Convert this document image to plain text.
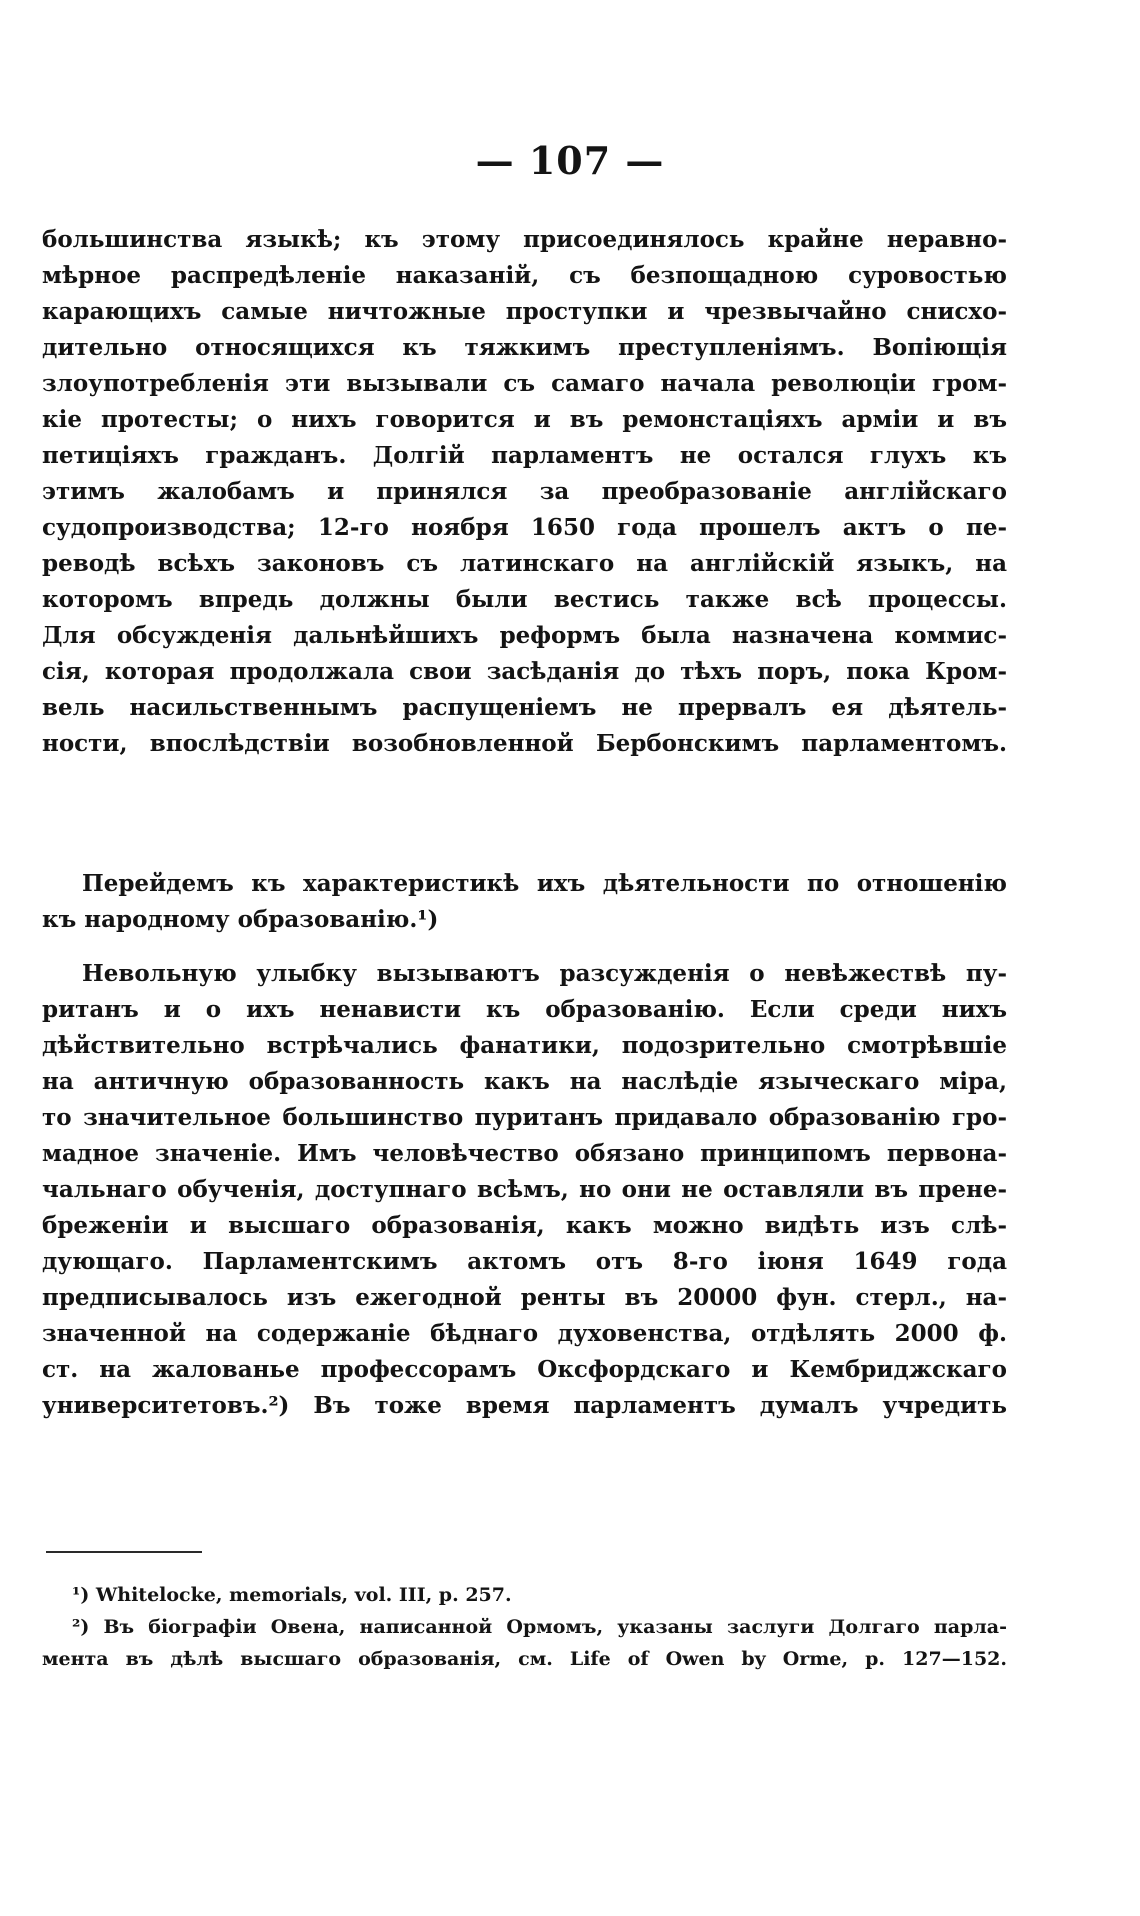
— 107 —
большинства языкѣ; къ этому присоединялось крайне неравно-
мѣрное распредѣленіе наказаній, съ безпощадною суровостью
карающихъ самые ничтожные проступки и чрезвычайно снисхо-
дительно относящихся къ тяжкимъ преступленіямъ. Вопіющія
злоупотребленія эти вызывали съ самаго начала революціи гром-
кіе протесты; о нихъ говорится и въ ремонстаціяхъ арміи и въ
петиціяхъ гражданъ. Долгій парламентъ не остался глухъ къ
этимъ жалобамъ и принялся за преобразованіе англійскаго
судопроизводства; 12-го ноября 1650 года прошелъ актъ о пе-
реводѣ всѣхъ законовъ съ латинскаго на англійскій языкъ, на
которомъ впредь должны были вестись также всѣ процессы.
Для обсужденія дальнѣйшихъ реформъ была назначена коммис-
сія, которая продолжала свои засѣданія до тѣхъ поръ, пока Кром-
вель насильственнымъ распущеніемъ не прервалъ ея дѣятель-
ности, впослѣдствіи возобновленной Бербонскимъ парламентомъ.
Перейдемъ къ характеристикѣ ихъ дѣятельности по отношенію
къ народному образованію.¹)
Невольную улыбку вызываютъ разсужденія о невѣжествѣ пу-
ританъ и о ихъ ненависти къ образованію. Если среди нихъ
дѣйствительно встрѣчались фанатики, подозрительно смотрѣвшіе
на античную образованность какъ на наслѣдіе языческаго міра,
то значительное большинство пуританъ придавало образованію гро-
мадное значеніе. Имъ человѣчество обязано принципомъ первона-
чальнаго обученія, доступнаго всѣмъ, но они не оставляли въ прене-
бреженіи и высшаго образованія, какъ можно видѣть изъ слѣ-
дующаго. Парламентскимъ актомъ отъ 8-го іюня 1649 года
предписывалось изъ ежегодной ренты въ 20000 фун. стерл., на-
значенной на содержаніе бѣднаго духовенства, отдѣлять 2000 ф.
ст. на жалованье профессорамъ Оксфордскаго и Кембриджскаго
университетовъ.²) Въ тоже время парламентъ думалъ учредить
¹) Whitelocke, memorials, vol. III, p. 257.
²) Въ біографіи Овена, написанной Ормомъ, указаны заслуги Долгаго парла-
мента въ дѣлѣ высшаго образованія, см. Life of Owen by Orme, p. 127—152.
